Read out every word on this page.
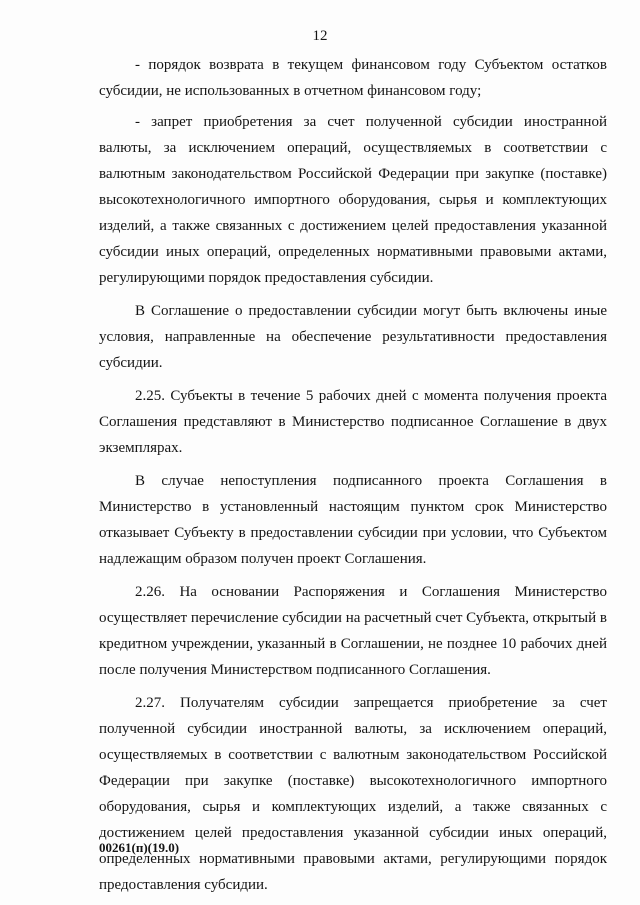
12

- порядок возврата в текущем финансовом году Субъектом остатков субсидии, не использованных в отчетном финансовом году;

- запрет приобретения за счет полученной субсидии иностранной валюты, за исключением операций, осуществляемых в соответствии с валютным законодательством Российской Федерации при закупке (поставке) высокотехнологичного импортного оборудования, сырья и комплектующих изделий, а также связанных с достижением целей предоставления указанной субсидии иных операций, определенных нормативными правовыми актами, регулирующими порядок предоставления субсидии.

В Соглашение о предоставлении субсидии могут быть включены иные условия, направленные на обеспечение результативности предоставления субсидии.

2.25. Субъекты в течение 5 рабочих дней с момента получения проекта Соглашения представляют в Министерство подписанное Соглашение в двух экземплярах.

В случае непоступления подписанного проекта Соглашения в Министерство в установленный настоящим пунктом срок Министерство отказывает Субъекту в предоставлении субсидии при условии, что Субъектом надлежащим образом получен проект Соглашения.

2.26. На основании Распоряжения и Соглашения Министерство осуществляет перечисление субсидии на расчетный счет Субъекта, открытый в кредитном учреждении, указанный в Соглашении, не позднее 10 рабочих дней после получения Министерством подписанного Соглашения.

2.27. Получателям субсидии запрещается приобретение за счет полученной субсидии иностранной валюты, за исключением операций, осуществляемых в соответствии с валютным законодательством Российской Федерации при закупке (поставке) высокотехнологичного импортного оборудования, сырья и комплектующих изделий, а также связанных с достижением целей предоставления указанной субсидии иных операций, определенных нормативными правовыми актами, регулирующими порядок предоставления субсидии.

00261(п)(19.0)
